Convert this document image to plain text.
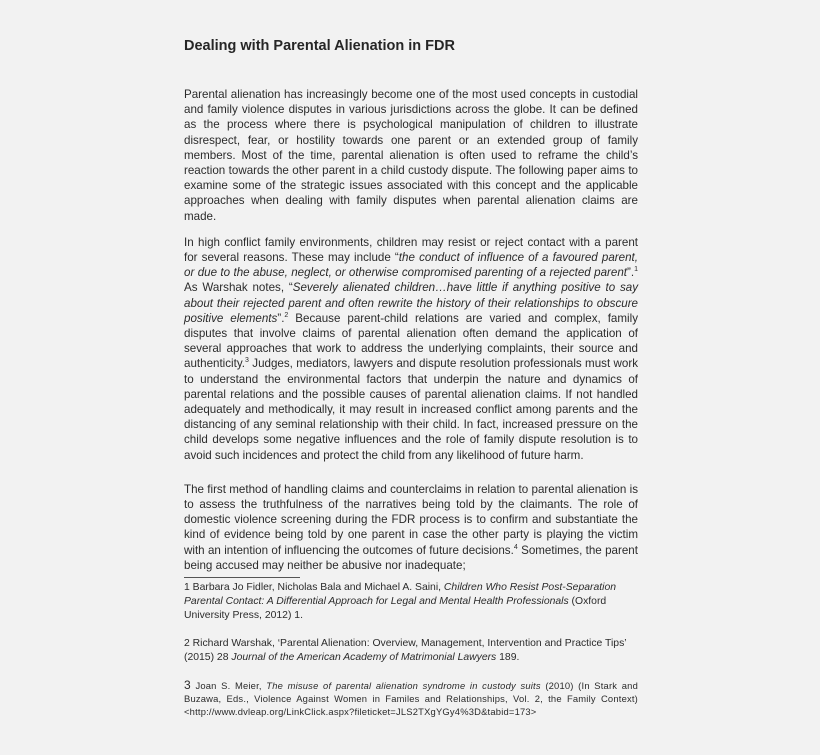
Dealing with Parental Alienation in FDR

Parental alienation has increasingly become one of the most used concepts in custodial and family violence disputes in various jurisdictions across the globe. It can be defined as the process where there is psychological manipulation of children to illustrate disrespect, fear, or hostility towards one parent or an extended group of family members. Most of the time, parental alienation is often used to reframe the child’s reaction towards the other parent in a child custody dispute. The following paper aims to examine some of the strategic issues associated with this concept and the applicable approaches when dealing with family disputes when parental alienation claims are made.

In high conflict family environments, children may resist or reject contact with a parent for several reasons. These may include “the conduct of influence of a favoured parent, or due to the abuse, neglect, or otherwise compromised parenting of a rejected parent”.$^1$ As Warshak notes, “Severely alienated children…have little if anything positive to say about their rejected parent and often rewrite the history of their relationships to obscure positive elements”.$^2$ Because parent-child relations are varied and complex, family disputes that involve claims of parental alienation often demand the application of several approaches that work to address the underlying complaints, their source and authenticity.$^3$ Judges, mediators, lawyers and dispute resolution professionals must work to understand the environmental factors that underpin the nature and dynamics of parental relations and the possible causes of parental alienation claims. If not handled adequately and methodically, it may result in increased conflict among parents and the distancing of any seminal relationship with their child. In fact, increased pressure on the child develops some negative influences and the role of family dispute resolution is to avoid such incidences and protect the child from any likelihood of future harm.

The first method of handling claims and counterclaims in relation to parental alienation is to assess the truthfulness of the narratives being told by the claimants. The role of domestic violence screening during the FDR process is to confirm and substantiate the kind of evidence being told by one parent in case the other party is playing the victim with an intention of influencing the outcomes of future decisions.$^4$ Sometimes, the parent being accused may neither be abusive nor inadequate;

1 Barbara Jo Fidler, Nicholas Bala and Michael A. Saini, Children Who Resist Post-Separation Parental Contact: A Differential Approach for Legal and Mental Health Professionals (Oxford University Press, 2012) 1.

2 Richard Warshak, ‘Parental Alienation: Overview, Management, Intervention and Practice Tips’ (2015) 28 Journal of the American Academy of Matrimonial Lawyers 189.

3 Joan S. Meier, The misuse of parental alienation syndrome in custody suits (2010) (In Stark and Buzawa, Eds., Violence Against Women in Familes and Relationships, Vol. 2, the Family Context) <http://www.dvleap.org/LinkClick.aspx?fileticket=JLS2TXgYGy4%3D&tabid=173>
